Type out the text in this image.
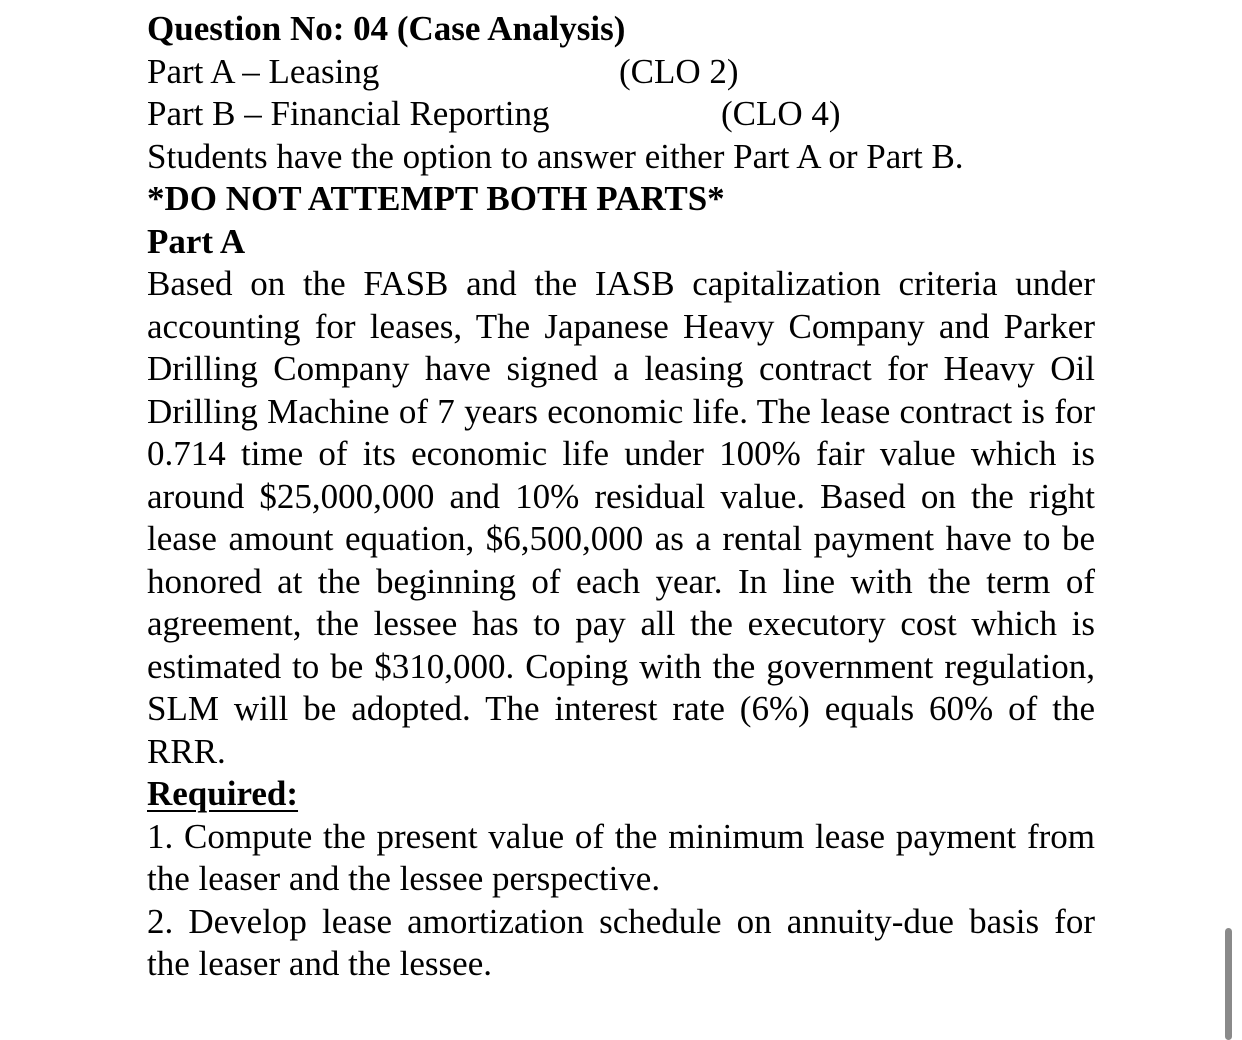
Question No: 04 (Case Analysis)
Part A – Leasing	(CLO 2)
Part B – Financial Reporting	(CLO 4)
Students have the option to answer either Part A or Part B.
*DO NOT ATTEMPT BOTH PARTS*
Part A

Based on the FASB and the IASB capitalization criteria under accounting for leases, The Japanese Heavy Company and Parker Drilling Company have signed a leasing contract for Heavy Oil Drilling Machine of 7 years economic life. The lease contract is for 0.714 time of its economic life under 100% fair value which is around $25,000,000 and 10% residual value. Based on the right lease amount equation, $6,500,000 as a rental payment have to be honored at the beginning of each year. In line with the term of agreement, the lessee has to pay all the executory cost which is estimated to be $310,000. Coping with the government regulation, SLM will be adopted. The interest rate (6%) equals 60% of the RRR.

Required:

1. Compute the present value of the minimum lease payment from the leaser and the lessee perspective.

2. Develop lease amortization schedule on annuity-due basis for the leaser and the lessee.
